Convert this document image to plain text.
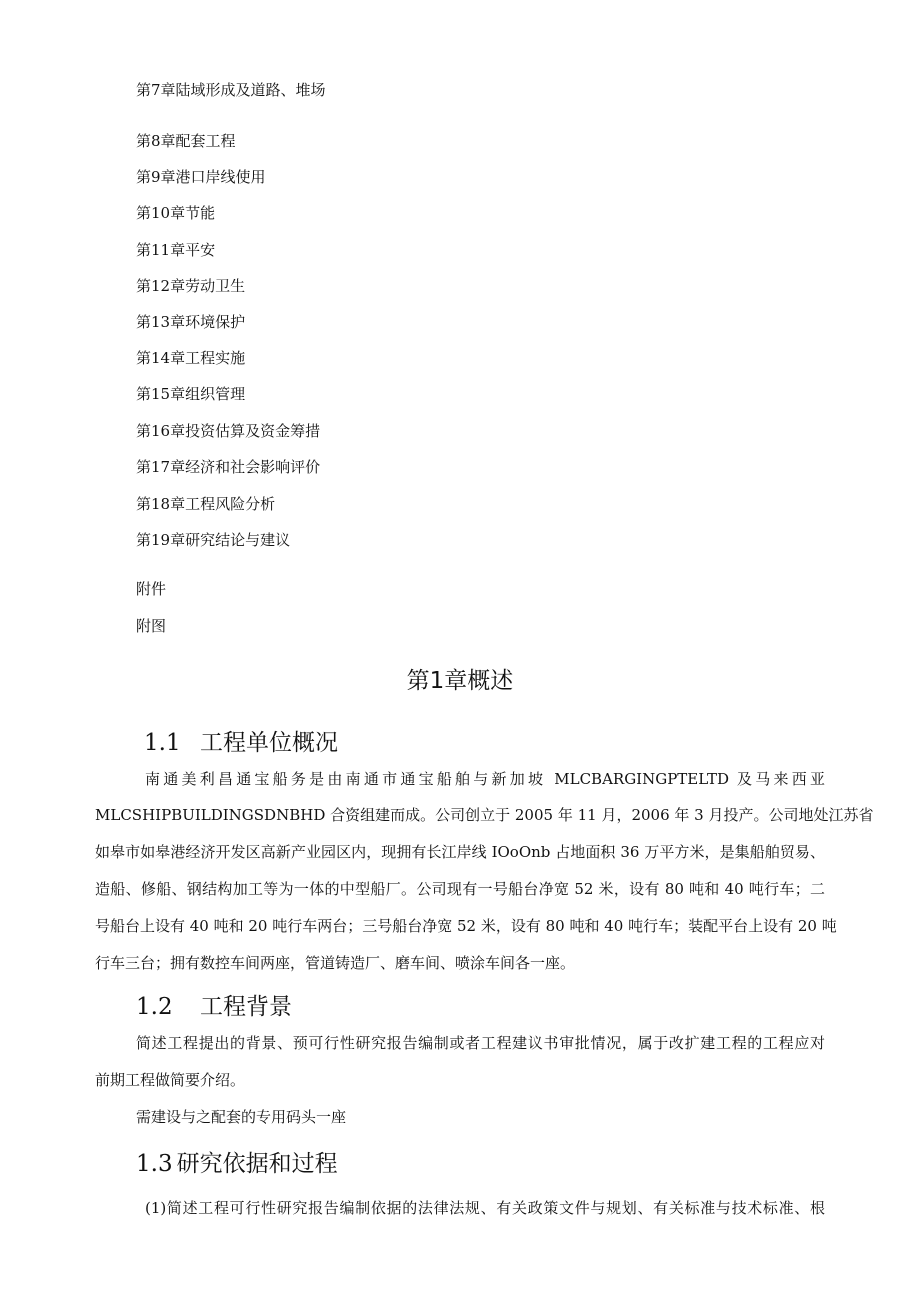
第7章陆域形成及道路、堆场
第8章配套工程
第9章港口岸线使用
第10章节能
第11章平安
第12章劳动卫生
第13章环境保护
第14章工程实施
第15章组织管理
第16章投资估算及资金筹措
第17章经济和社会影响评价
第18章工程风险分析
第19章研究结论与建议
附件
附图
第1章概述
1.1 工程单位概况
南通美利昌通宝船务是由南通市通宝船舶与新加坡 MLCBARGINGPTELTD 及马来西亚
MLCSHIPBUILDINGSDNBHD 合资组建而成。公司创立于 2005 年 11 月，2006 年 3 月投产。公司地处江苏省
如皋市如皋港经济开发区高新产业园区内，现拥有长江岸线 IOoOnb 占地面积 36 万平方米，是集船舶贸易、
造船、修船、钢结构加工等为一体的中型船厂。公司现有一号船台净宽 52 米，设有 80 吨和 40 吨行车；二
号船台上设有 40 吨和 20 吨行车两台；三号船台净宽 52 米，设有 80 吨和 40 吨行车；装配平台上设有 20 吨
行车三台；拥有数控车间两座，管道铸造厂、磨车间、喷涂车间各一座。
1.2 工程背景
简述工程提出的背景、预可行性研究报告编制或者工程建议书审批情况，属于改扩建工程的工程应对
前期工程做简要介绍。
需建设与之配套的专用码头一座
1.3 研究依据和过程
(1)简述工程可行性研究报告编制依据的法律法规、有关政策文件与规划、有关标准与技术标准、根
